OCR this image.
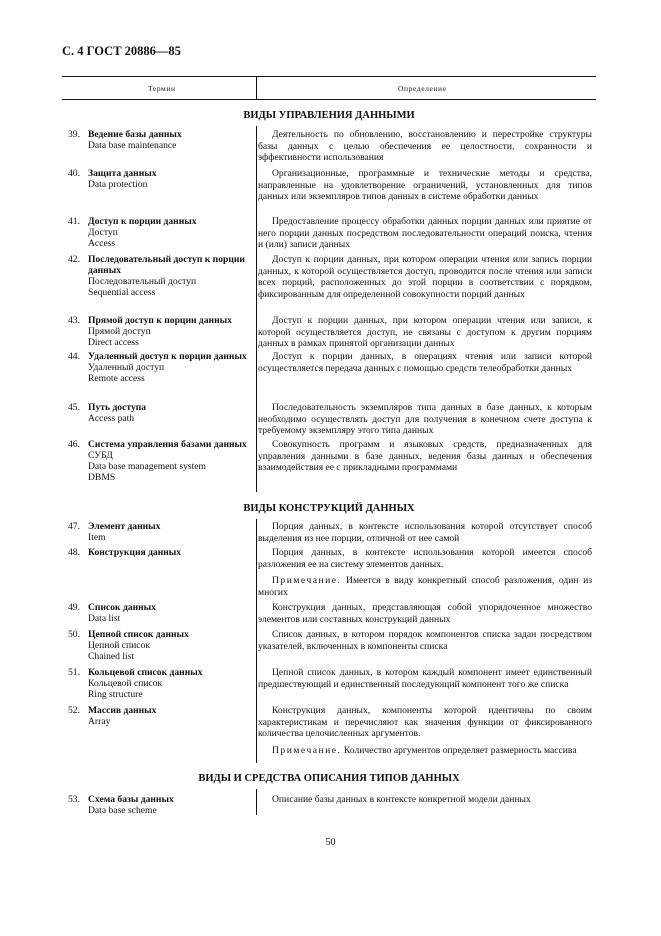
С. 4 ГОСТ 20886—85
Термин	Определение
ВИДЫ УПРАВЛЕНИЯ ДАННЫМИ
ВИДЫ КОНСТРУКЦИЙ ДАННЫХ
ВИДЫ И СРЕДСТВА ОПИСАНИЯ ТИПОВ ДАННЫХ
39. Ведение базы данных
Data base maintenance
40. Защита данных
Data protection
41. Доступ к порции данных
Доступ
Access
42. Последовательный доступ к порции данных
Последовательный доступ
Sequential access
43. Прямой доступ к порции данных
Прямой доступ
Direct access
44. Удаленный доступ к порции данных
Удаленный доступ
Remote access
45. Путь доступа
Access path
46. Система управления базами данных
СУБД
Data base management system
DBMS
47. Элемент данных
Item
48. Конструкция данных
49. Список данных
Data list
50. Цепной список данных
Цепной список
Chained list
51. Кольцевой список данных
Кольцевой список
Ring structure
52. Массив данных
Array
53. Схема базы данных
Data base scheme
50
Деятельность по обновлению, восстановлению и перестройке структуры базы данных с целью обеспечения ее целостности, сохранности и эффективности использования
Организационные, программные и технические методы и средства, направленные на удовлетворение ограничений, установленных для типов данных или экземпляров типов данных в системе обработки данных
Предоставление процессу обработки данных порции данных или приятие от него порции данных посредством последовательности операций поиска, чтения и (или) записи данных
Доступ к порции данных, при котором операции чтения или запись порции данных, к которой осуществляется доступ, проводится после чтения или записи всех порций, расположенных до этой порции в соответствии с порядком, фиксированным для определенной совокупности порций данных
Доступ к порции данных, при котором операции чтения или записи, к которой осуществляется доступ, не связаны с доступом к другим порциям данных в рамках принятой организации данных
Доступ к порции данных, в операциях чтения или записи которой осуществляется передача данных с помощью средств телеобработки данных
Последовательность экземпляров типа данных в базе данных, к которым необходимо осуществлять доступ для получения в конечном счете доступа к требуемому экземпляру этого типа данных
Совокупность программ и языковых средств, предназначенных для управления данными в базе данных, ведения базы данных и обеспечения взаимодействия ее с прикладными программами
Порция данных, в контексте использования которой отсутствует способ выделения из нее порции, отличной от нее самой
Порция данных, в контексте использования которой имеется способ разложения ее на систему элементов данных.
Примечание. Имеется в виду конкретный способ разложения, один из многих
Конструкция данных, представляющая собой упорядоченное множество элементов или составных конструкций данных
Список данных, в котором порядок компонентов списка задан посредством указателей, включенных в компоненты списка
Цепной список данных, в котором каждый компонент имеет единственный предшествующий и единственный последующий компонент того же списка
Конструкция данных, компоненты которой идентичны по своим характеристикам и перечисляют как значения функции от фиксированного количества целочисленных аргументов.
Примечание. Количество аргументов определяет размерность массива
Описание базы данных в контексте конкретной модели данных
